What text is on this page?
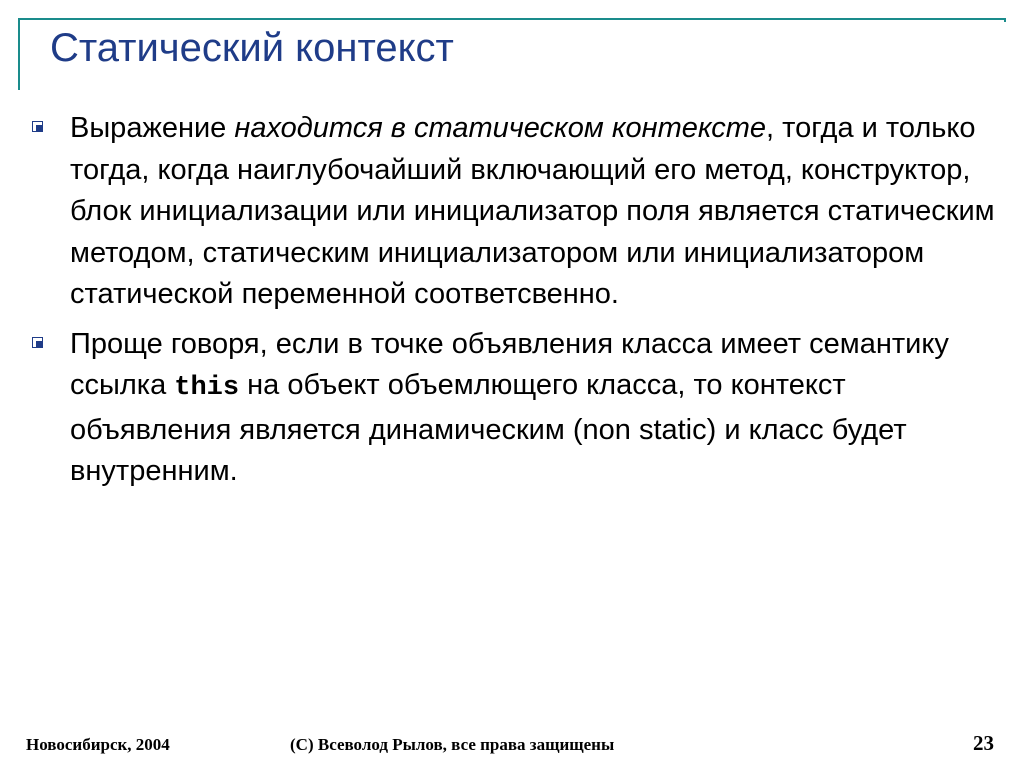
Статический контекст
Выражение находится в статическом контексте, тогда и только тогда, когда наиглубочайший включающий его метод, конструктор, блок инициализации или инициализатор поля является статическим методом, статическим инициализатором или инициализатором статической переменной соответсвенно.
Проще говоря, если в точке объявления класса имеет семантику ссылка this на объект объемлющего класса, то контекст объявления является динамическим (non static) и класс будет внутренним.
Новосибирск, 2004	(C) Всеволод Рылов, все права защищены	23
